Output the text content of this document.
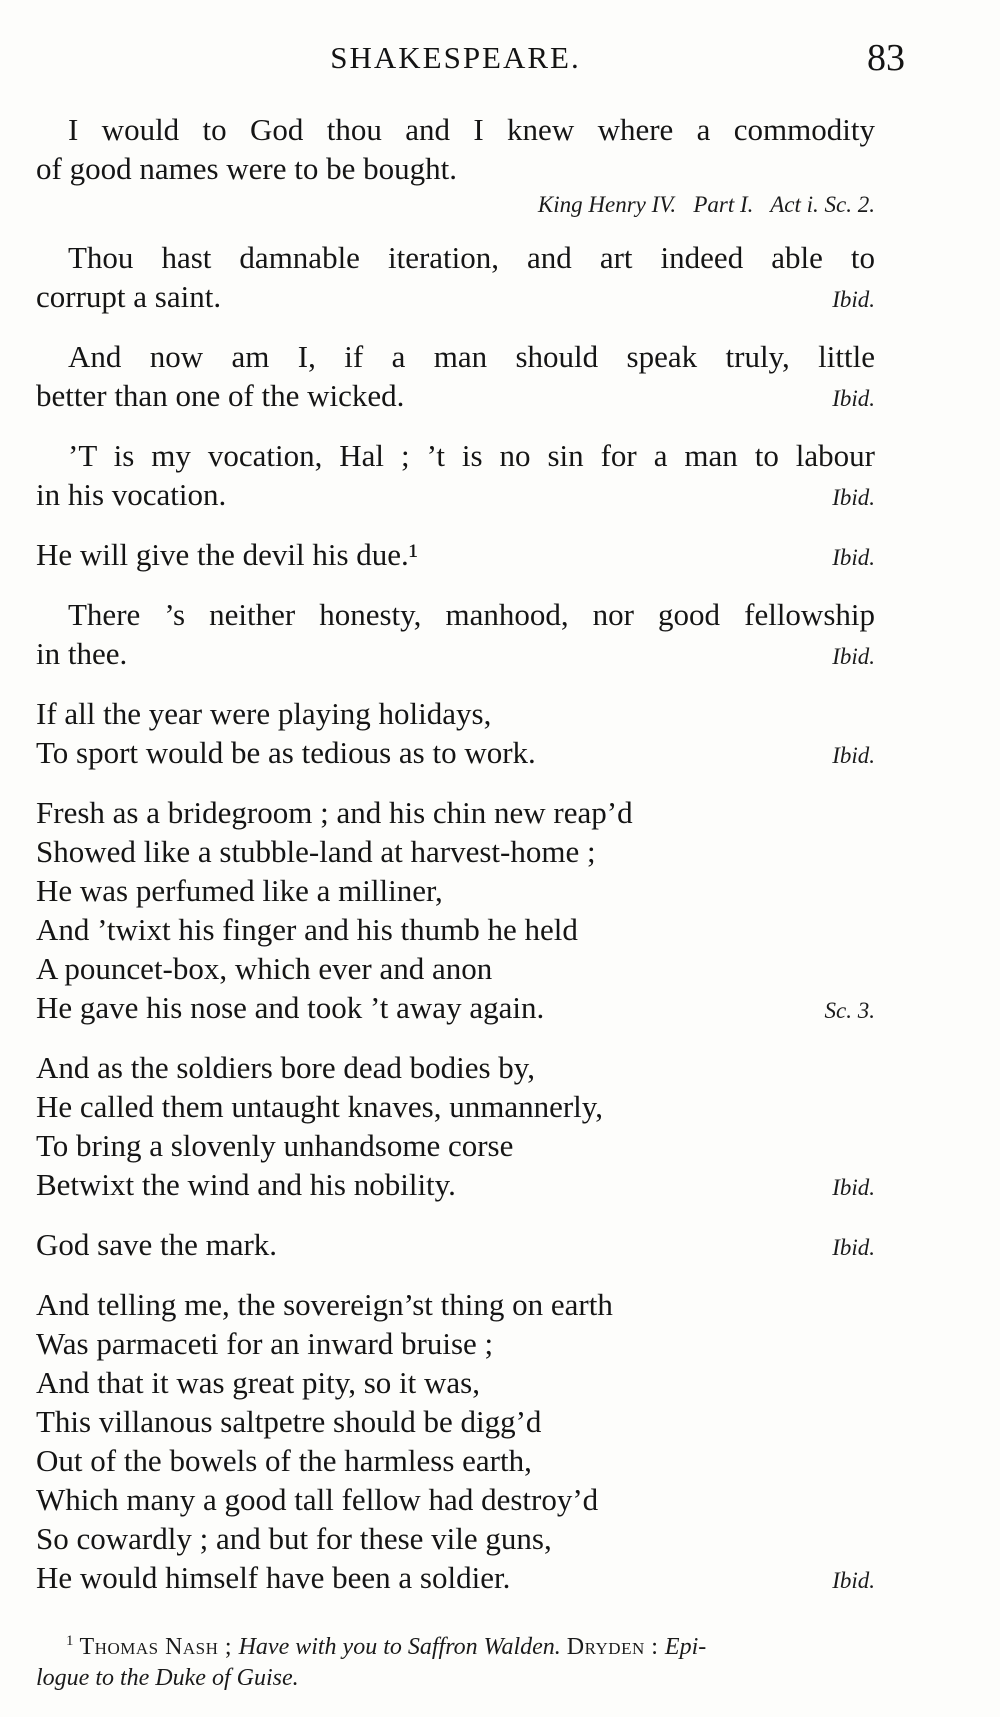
SHAKESPEARE.	83
I would to God thou and I knew where a commodity
of good names were to be bought.
King Henry IV.   Part I.   Act i. Sc. 2.
Thou hast damnable iteration, and art indeed able to
corrupt a saint.	Ibid.
And now am I, if a man should speak truly, little
better than one of the wicked.	Ibid.
’T is my vocation, Hal ; ’t is no sin for a man to labour
in his vocation.	Ibid.
He will give the devil his due.¹	Ibid.
There ’s neither honesty, manhood, nor good fellowship
in thee.	Ibid.
If all the year were playing holidays,
To sport would be as tedious as to work.	Ibid.
Fresh as a bridegroom ; and his chin new reap’d
Showed like a stubble-land at harvest-home ;
He was perfumed like a milliner,
And ’twixt his finger and his thumb he held
A pouncet-box, which ever and anon
He gave his nose and took ’t away again.	Sc. 3.
And as the soldiers bore dead bodies by,
He called them untaught knaves, unmannerly,
To bring a slovenly unhandsome corse
Betwixt the wind and his nobility.	Ibid.
God save the mark.	Ibid.
And telling me, the sovereign’st thing on earth
Was parmaceti for an inward bruise ;
And that it was great pity, so it was,
This villanous saltpetre should be digg’d
Out of the bowels of the harmless earth,
Which many a good tall fellow had destroy’d
So cowardly ; and but for these vile guns,
He would himself have been a soldier.	Ibid.
$^1$ Thomas Nash ; Have with you to Saffron Walden. Dryden : Epi-
logue to the Duke of Guise.
